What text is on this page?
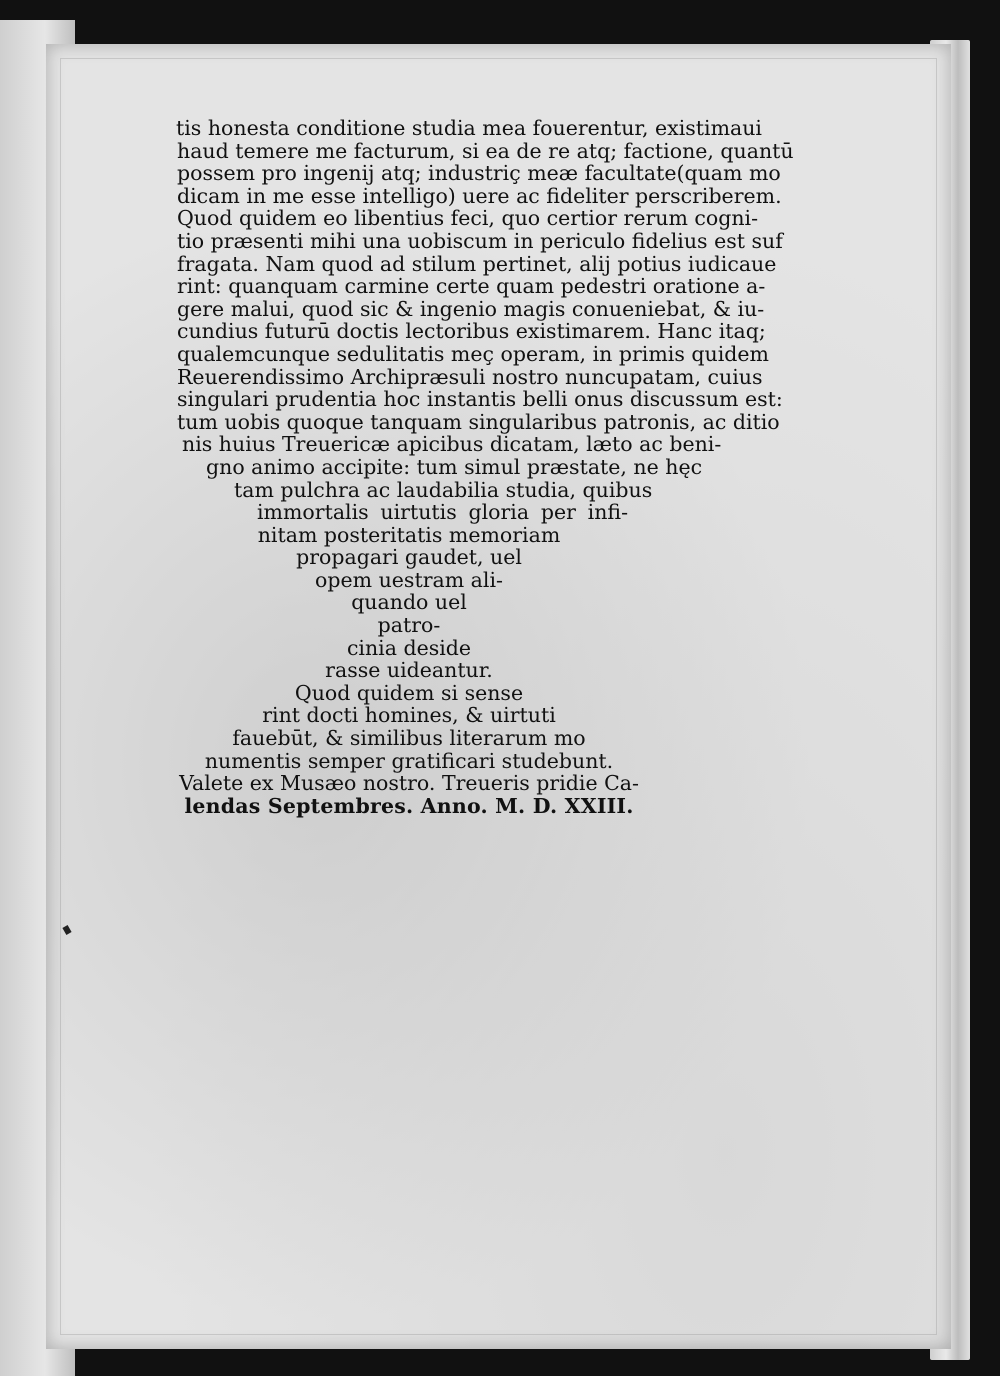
tis honesta conditione studia mea fouerentur, existimaui
haud temere me facturum, si ea de re atq; factione, quantū
possem pro ingenij atq; industriç meæ facultate(quam mo
dicam in me esse intelligo) uere ac fideliter perscriberem.
Quod quidem eo libentius feci, quo certior rerum cogni-
tio præsenti mihi una uobiscum in periculo fidelius est suf
fragata. Nam quod ad stilum pertinet, alij potius iudicaue
rint: quanquam carmine certe quam pedestri oratione a-
gere malui, quod sic & ingenio magis conueniebat, & iu-
cundius futurū doctis lectoribus existimarem. Hanc itaq;
qualemcunque sedulitatis meç operam, in primis quidem
Reuerendissimo Archipræsuli nostro nuncupatam, cuius
singulari prudentia hoc instantis belli onus discussum est:
tum uobis quoque tanquam singularibus patronis, ac ditio
nis huius Treuericæ apicibus dicatam, læto ac beni-
gno animo accipite: tum simul præstate, ne hęc
tam pulchra ac laudabilia studia, quibus
immortalis uirtutis gloria per infi-
nitam posteritatis memoriam
propagari gaudet, uel
opem uestram ali-
quando uel
patro-
cinia deside
rasse uideantur.
Quod quidem si sense
rint docti homines, & uirtuti
fauebūt, & similibus literarum mo
numentis semper gratificari studebunt.
Valete ex Musæo nostro. Treueris pridie Ca-
lendas Septembres. Anno. M. D. XXIII.
